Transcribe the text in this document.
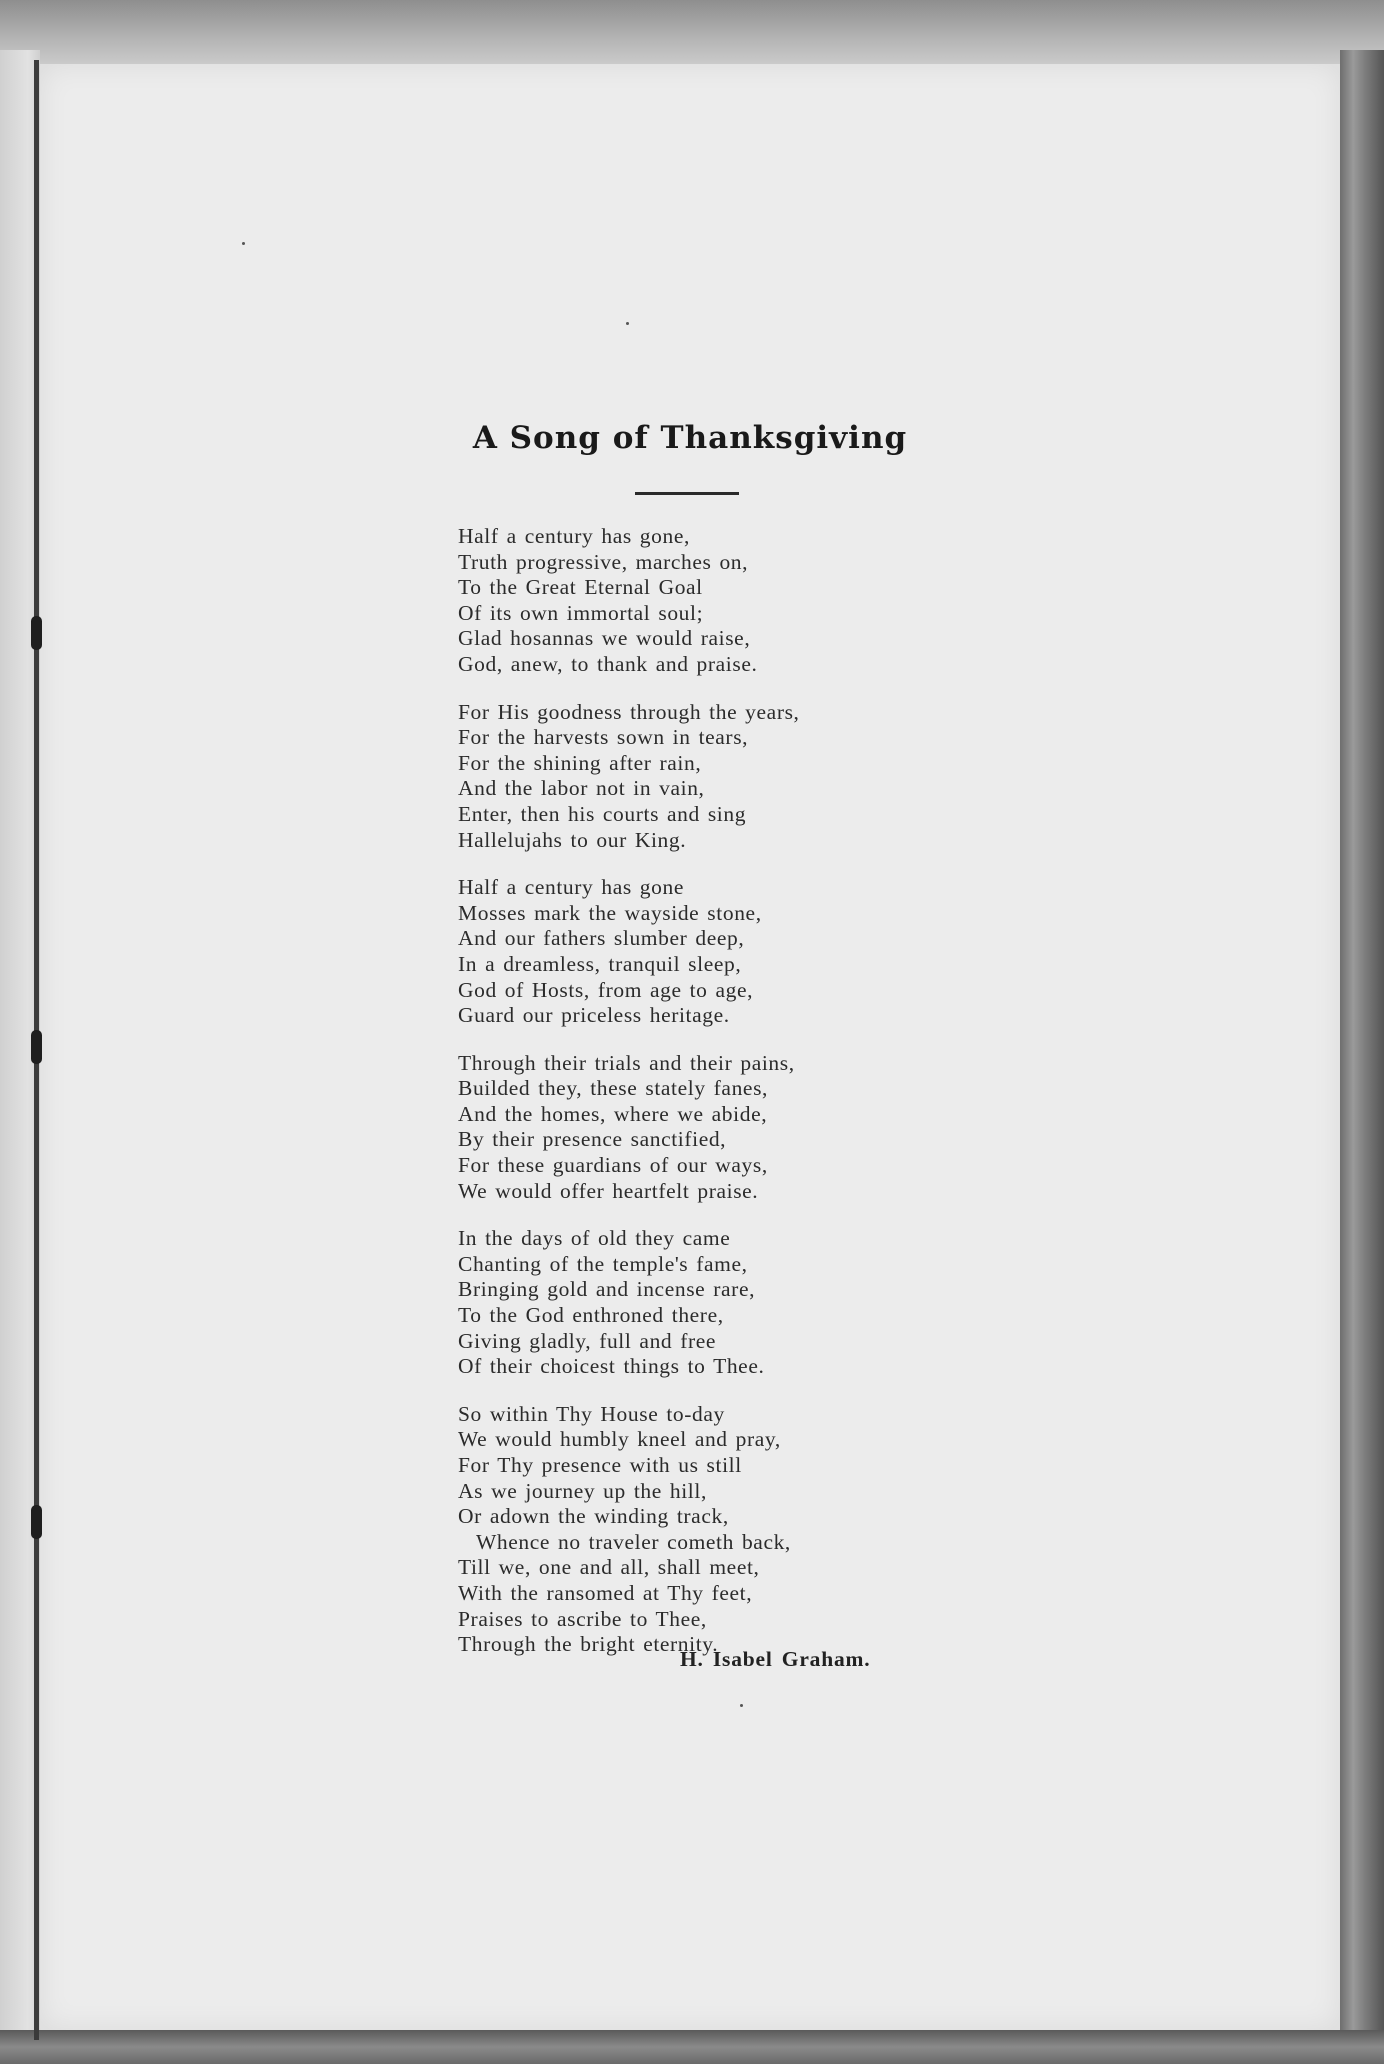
A Song of Thanksgiving
Half a century has gone,
Truth progressive, marches on,
To the Great Eternal Goal
Of its own immortal soul;
Glad hosannas we would raise,
God, anew, to thank and praise.
For His goodness through the years,
For the harvests sown in tears,
For the shining after rain,
And the labor not in vain,
Enter, then his courts and sing
Hallelujahs to our King.
Half a century has gone
Mosses mark the wayside stone,
And our fathers slumber deep,
In a dreamless, tranquil sleep,
God of Hosts, from age to age,
Guard our priceless heritage.
Through their trials and their pains,
Builded they, these stately fanes,
And the homes, where we abide,
By their presence sanctified,
For these guardians of our ways,
We would offer heartfelt praise.
In the days of old they came
Chanting of the temple's fame,
Bringing gold and incense rare,
To the God enthroned there,
Giving gladly, full and free
Of their choicest things to Thee.
So within Thy House to-day
We would humbly kneel and pray,
For Thy presence with us still
As we journey up the hill,
Or adown the winding track,
Whence no traveler cometh back,
Till we, one and all, shall meet,
With the ransomed at Thy feet,
Praises to ascribe to Thee,
Through the bright eternity.
H. Isabel Graham.
